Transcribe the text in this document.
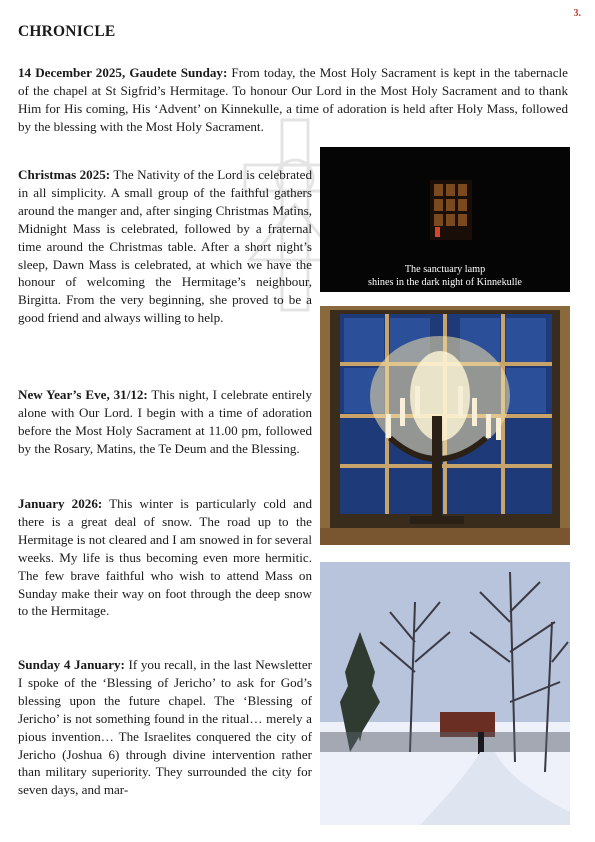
3.
CHRONICLE

14 December 2025, Gaudete Sunday: From today, the Most Holy Sacrament is kept in the tabernacle of the chapel at St Sigfrid’s Hermitage. To honour Our Lord in the Most Holy Sacrament and to thank Him for His coming, His ‘Advent’ on Kinnekulle, a time of adoration is held after Holy Mass, followed by the blessing with the Most Holy Sacrament.

Christmas 2025: The Nativity of the Lord is celebrated in all simplicity. A small group of the faithful gathers around the manger and, after singing Christmas Matins, Midnight Mass is celebrated, followed by a fraternal time around the Christmas table. After a short night’s sleep, Dawn Mass is celebrated, at which we have the honour of welcoming the Hermitage’s neighbour, Birgitta. From the very beginning, she proved to be a good friend and always willing to help.

New Year’s Eve, 31/12: This night, I celebrate entirely alone with Our Lord. I begin with a time of adoration before the Most Holy Sacrament at 11.00 pm, followed by the Rosary, Matins, the Te Deum and the Blessing.

January 2026: This winter is particularly cold and there is a great deal of snow. The road up to the Hermitage is not cleared and I am snowed in for several weeks. My life is thus becoming even more hermitic. The few brave faithful who wish to attend Mass on Sunday make their way on foot through the deep snow to the Hermitage.

Sunday 4 January: If you recall, in the last Newsletter I spoke of the ‘Blessing of Jericho’ to ask for God’s blessing upon the future chapel. The ‘Blessing of Jericho’ is not something found in the ritual… merely a pious invention… The Israelites conquered the city of Jericho (Joshua 6) through divine intervention rather than military superiority. They surrounded the city for seven days, and mar-

The sanctuary lamp
shines in the dark night of Kinnekulle
